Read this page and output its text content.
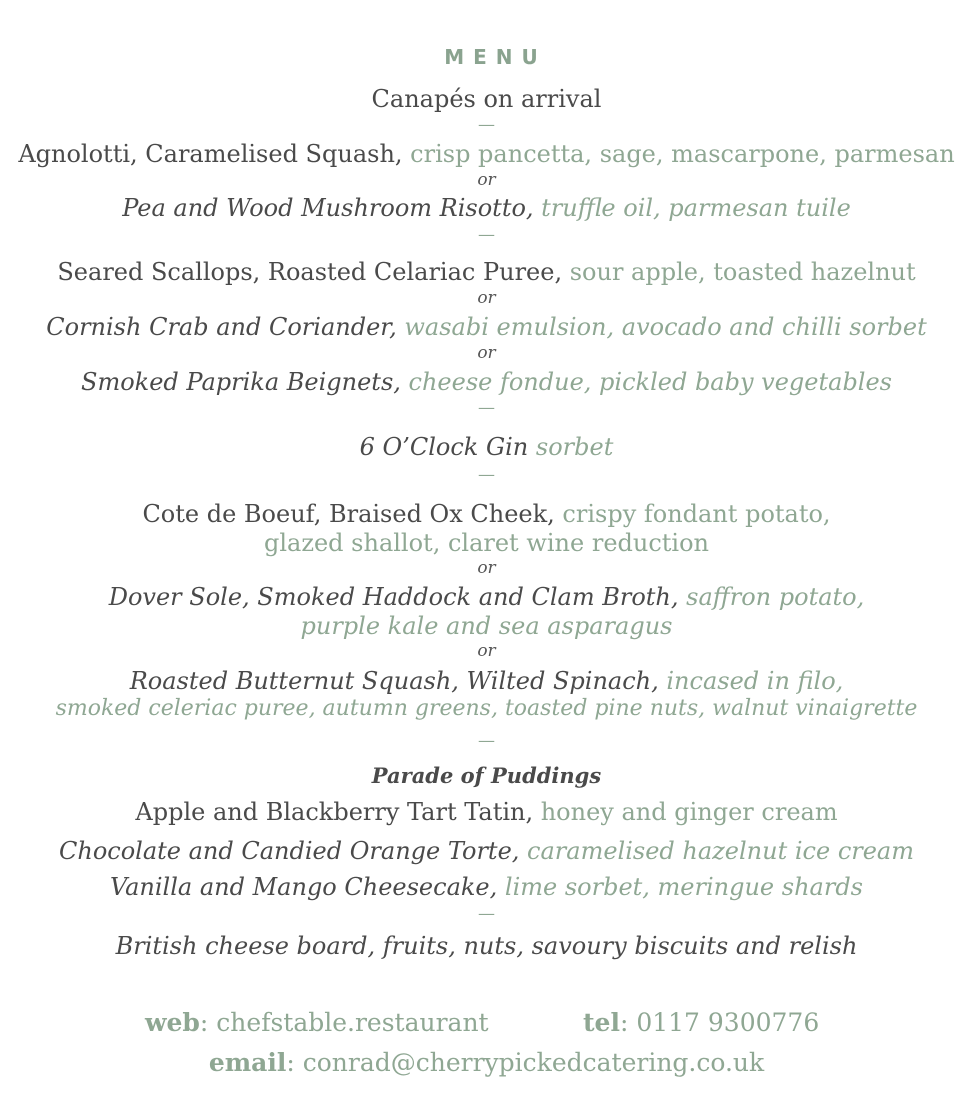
MENU
Canapés on arrival
—
Agnolotti, Caramelised Squash, crisp pancetta, sage, mascarpone, parmesan
or
Pea and Wood Mushroom Risotto, truffle oil, parmesan tuile
—
Seared Scallops, Roasted Celariac Puree, sour apple, toasted hazelnut
or
Cornish Crab and Coriander, wasabi emulsion, avocado and chilli sorbet
or
Smoked Paprika Beignets, cheese fondue, pickled baby vegetables
—
6 O’Clock Gin sorbet
—
Cote de Boeuf, Braised Ox Cheek, crispy fondant potato,
glazed shallot, claret wine reduction
or
Dover Sole, Smoked Haddock and Clam Broth, saffron potato,
purple kale and sea asparagus
or
Roasted Butternut Squash, Wilted Spinach, incased in filo,
smoked celeriac puree, autumn greens, toasted pine nuts, walnut vinaigrette
—
Parade of Puddings
Apple and Blackberry Tart Tatin, honey and ginger cream
Chocolate and Candied Orange Torte, caramelised hazelnut ice cream
Vanilla and Mango Cheesecake, lime sorbet, meringue shards
—
British cheese board, fruits, nuts, savoury biscuits and relish
web: chefstable.restaurant	tel: 0117 9300776
email: conrad@cherrypickedcatering.co.uk
